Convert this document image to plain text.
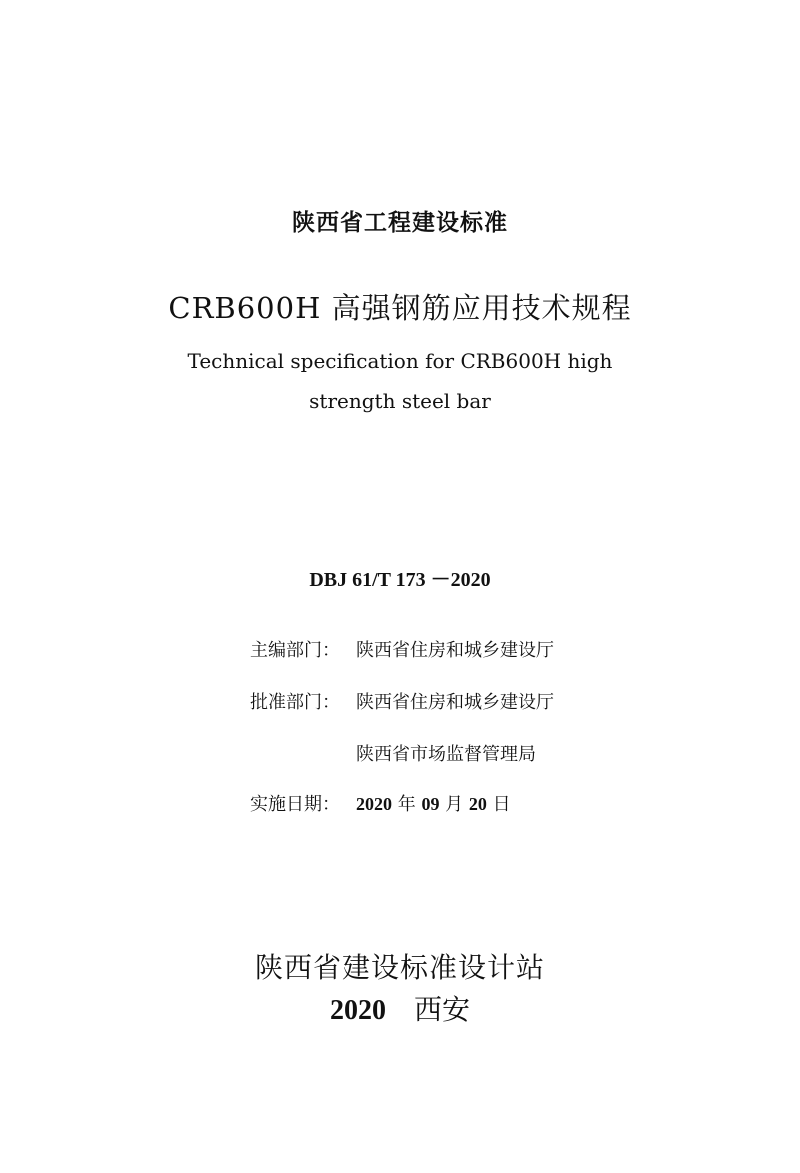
陕西省工程建设标准
CRB600H 高强钢筋应用技术规程
Technical specification for CRB600H high
strength steel bar
DBJ 61/T 173 －2020
主编部门： 陕西省住房和城乡建设厅
批准部门： 陕西省住房和城乡建设厅
陕西省市场监督管理局
实施日期： 2020 年 09 月 20 日
陕西省建设标准设计站
2020 西安
